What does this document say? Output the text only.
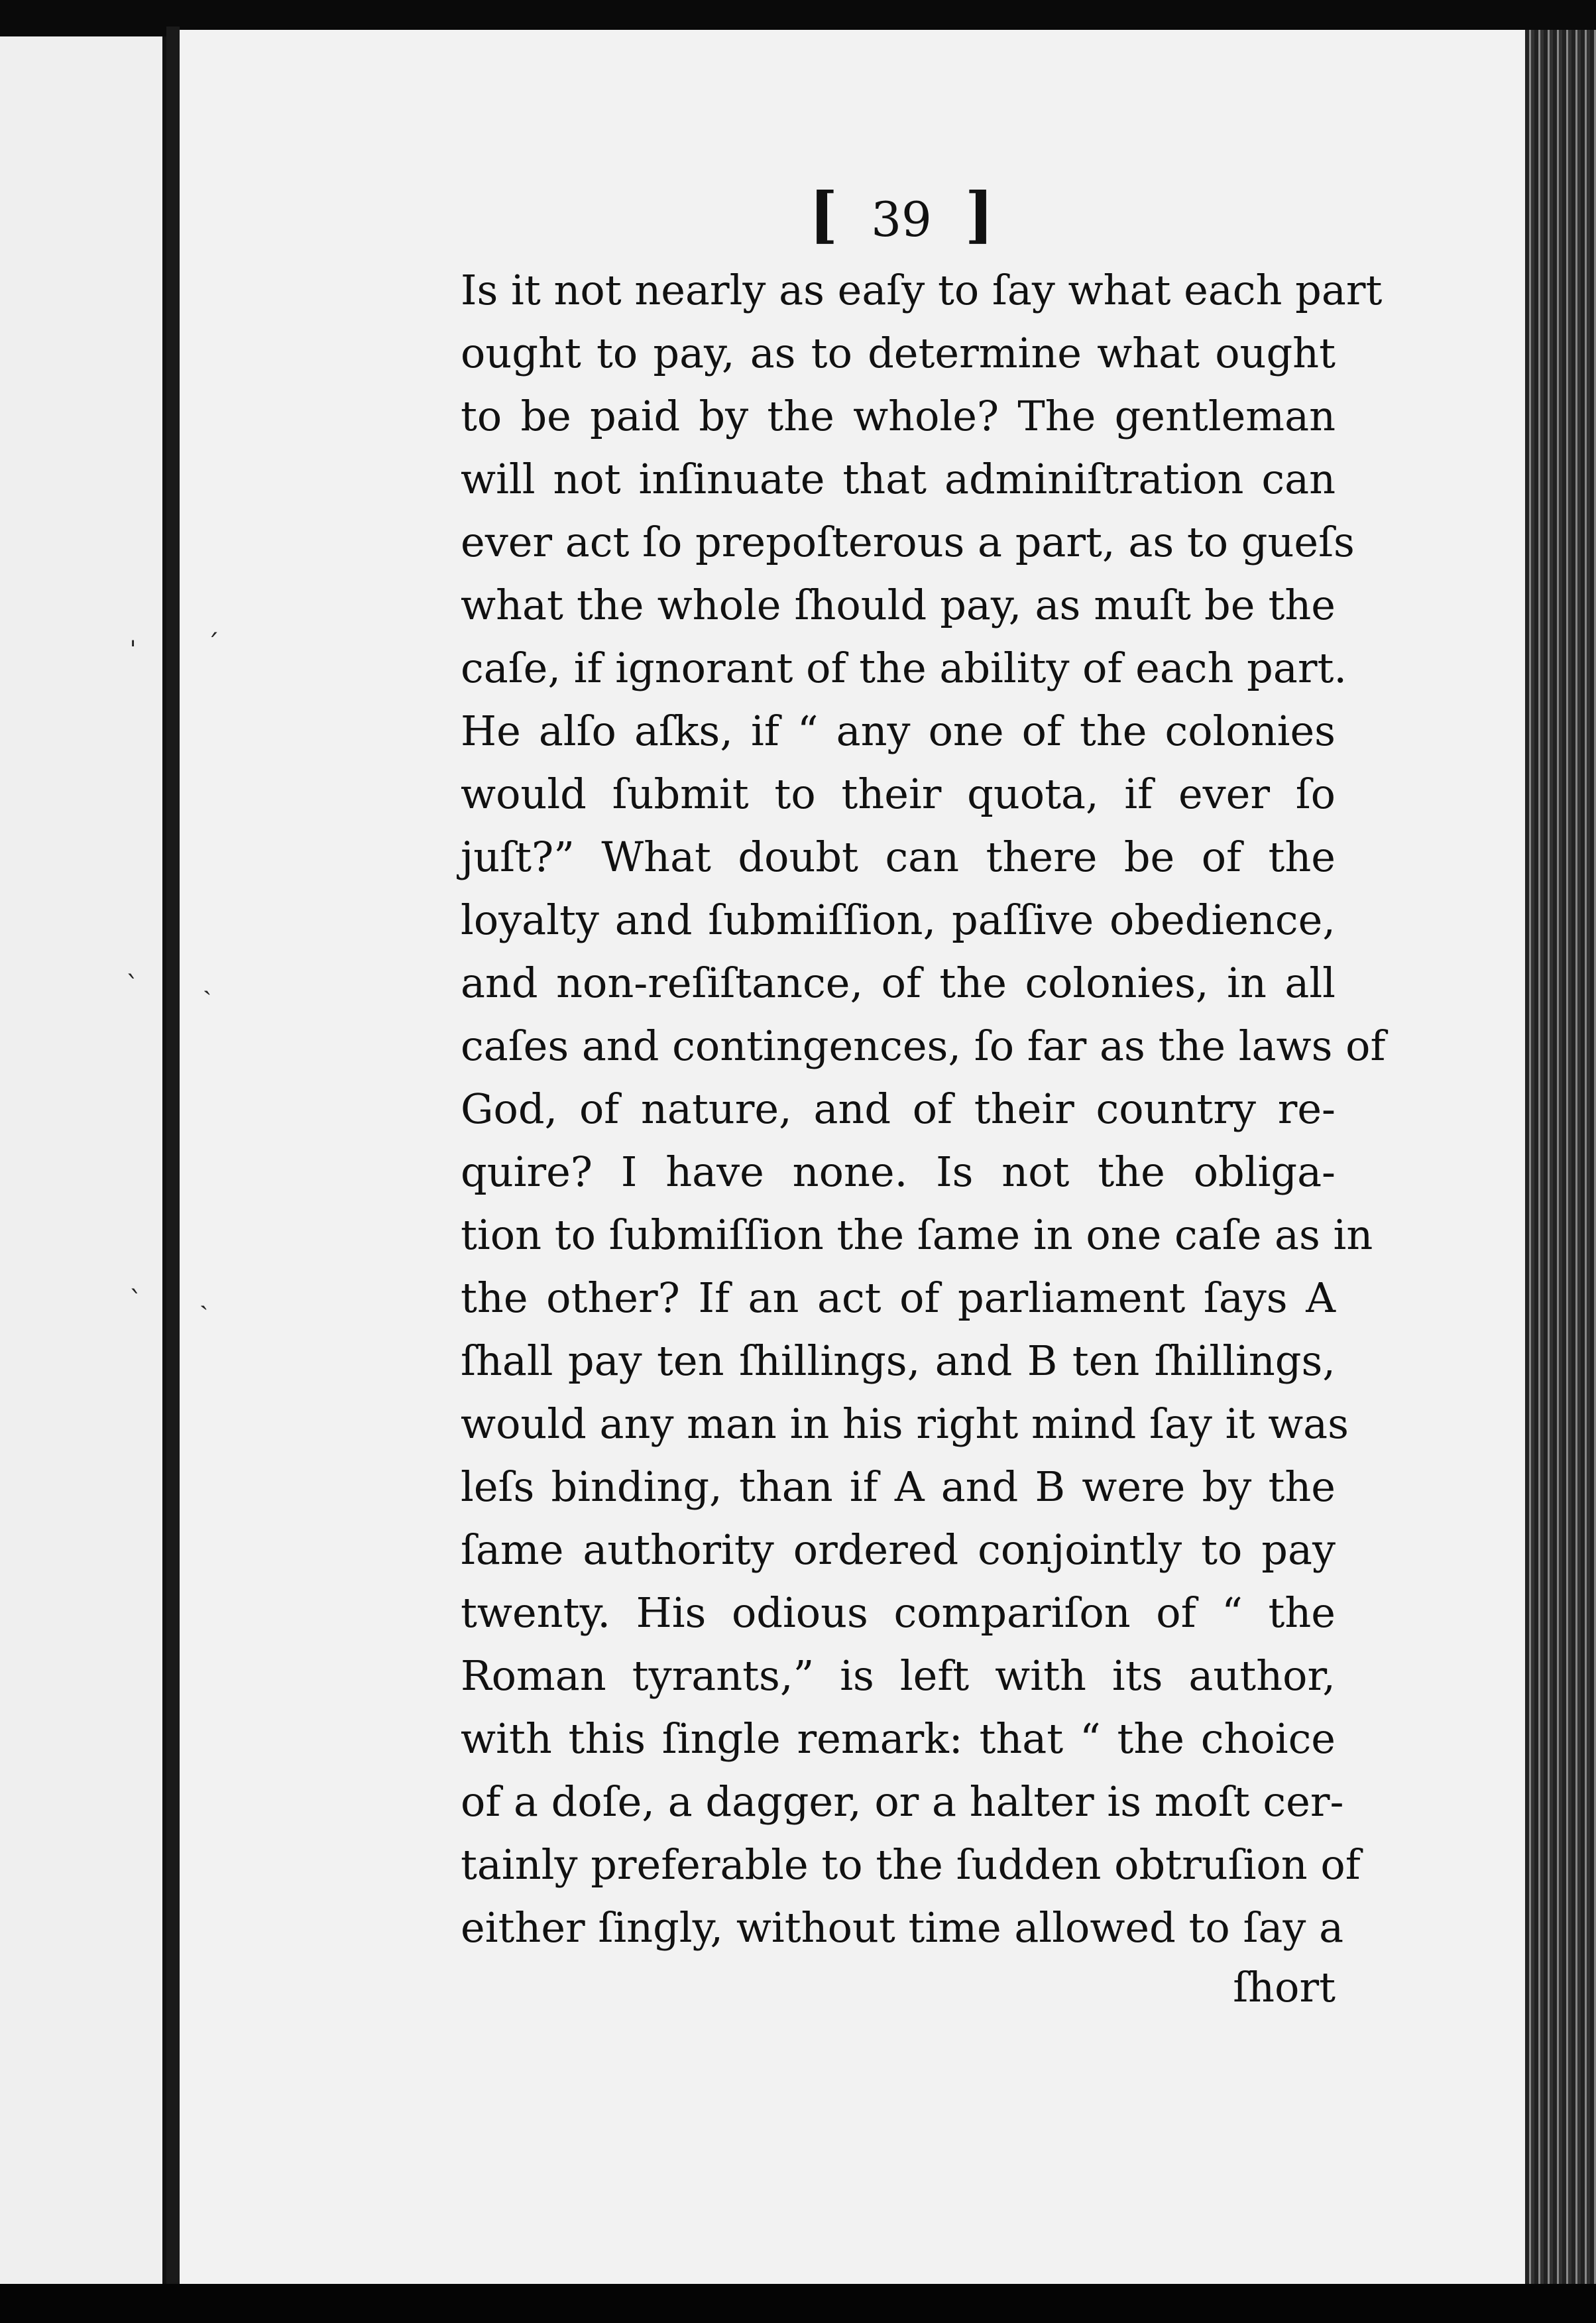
ˈ
ˋ
ˋ
ˊ
ˏ
ˏ
[ 39 ]
Is it not nearly as eaſy to ſay what each part
ought to pay, as to determine what ought
to be paid by the whole? The gentleman
will not inſinuate that adminiſtration can
ever act ſo prepoſterous a part, as to gueſs
what the whole ſhould pay, as muſt be the
caſe, if ignorant of the ability of each part.
He alſo aſks, if “ any one of the colonies
would ſubmit to their quota, if ever ſo
juſt?” What doubt can there be of the
loyalty and ſubmiſſion, paſſive obedience,
and non-reſiſtance, of the colonies, in all
caſes and contingences, ſo far as the laws of
God, of nature, and of their country re-
quire? I have none. Is not the obliga-
tion to ſubmiſſion the ſame in one caſe as in
the other? If an act of parliament ſays A
ſhall pay ten ſhillings, and B ten ſhillings,
would any man in his right mind ſay it was
leſs binding, than if A and B were by the
ſame authority ordered conjointly to pay
twenty. His odious compariſon of “ the
Roman tyrants,” is left with its author,
with this ſingle remark: that “ the choice
of a doſe, a dagger, or a halter is moſt cer-
tainly preferable to the ſudden obtruſion of
either ſingly, without time allowed to ſay a
ſhort
